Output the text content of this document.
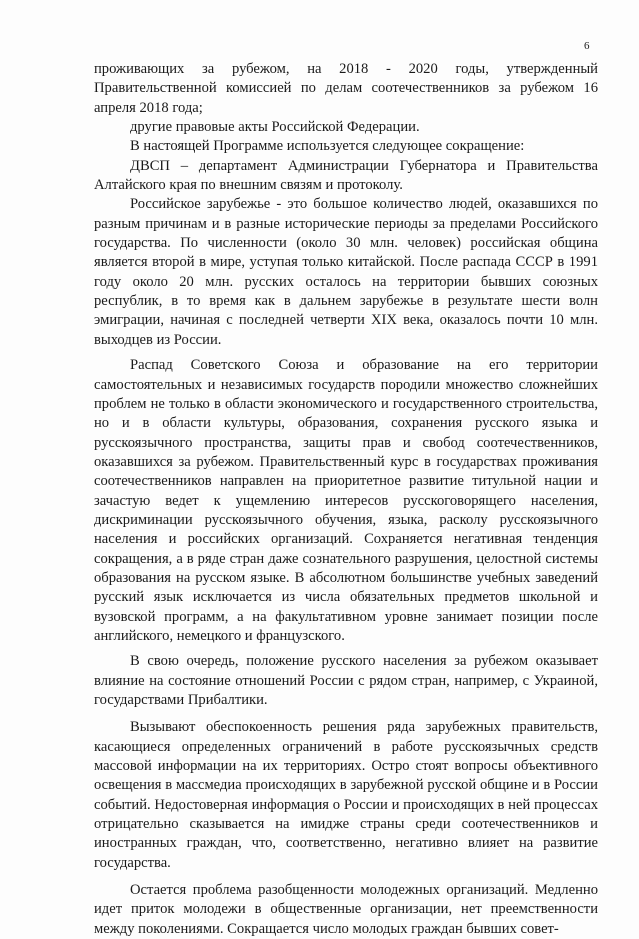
6

проживающих за рубежом, на 2018 - 2020 годы, утвержденный Правительственной комиссией по делам соотечественников за рубежом 16 апреля 2018 года;

другие правовые акты Российской Федерации.

В настоящей Программе используется следующее сокращение:

ДВСП – департамент Администрации Губернатора и Правительства Алтайского края по внешним связям и протоколу.

Российское зарубежье - это большое количество людей, оказавшихся по разным причинам и в разные исторические периоды за пределами Российского государства. По численности (около 30 млн. человек) российская община является второй в мире, уступая только китайской. После распада СССР в 1991 году около 20 млн. русских осталось на территории бывших союзных республик, в то время как в дальнем зарубежье в результате шести волн эмиграции, начиная с последней четверти XIX века, оказалось почти 10 млн. выходцев из России.

Распад Советского Союза и образование на его территории самостоятельных и независимых государств породили множество сложнейших проблем не только в области экономического и государственного строительства, но и в области культуры, образования, сохранения русского языка и русскоязычного пространства, защиты прав и свобод соотечественников, оказавшихся за рубежом. Правительственный курс в государствах проживания соотечественников направлен на приоритетное развитие титульной нации и зачастую ведет к ущемлению интересов русскоговорящего населения, дискриминации русскоязычного обучения, языка, расколу русскоязычного населения и российских организаций. Сохраняется негативная тенденция сокращения, а в ряде стран даже сознательного разрушения, целостной системы образования на русском языке. В абсолютном большинстве учебных заведений русский язык исключается из числа обязательных предметов школьной и вузовской программ, а на факультативном уровне занимает позиции после английского, немецкого и французского.

В свою очередь, положение русского населения за рубежом оказывает влияние на состояние отношений России с рядом стран, например, с Украиной, государствами Прибалтики.

Вызывают обеспокоенность решения ряда зарубежных правительств, касающиеся определенных ограничений в работе русскоязычных средств массовой информации на их территориях. Остро стоят вопросы объективного освещения в массмедиа происходящих в зарубежной русской общине и в России событий. Недостоверная информация о России и происходящих в ней процессах отрицательно сказывается на имидже страны среди соотечественников и иностранных граждан, что, соответственно, негативно влияет на развитие государства.

Остается проблема разобщенности молодежных организаций. Медленно идет приток молодежи в общественные организации, нет преемственности между поколениями. Сокращается число молодых граждан бывших совет-
